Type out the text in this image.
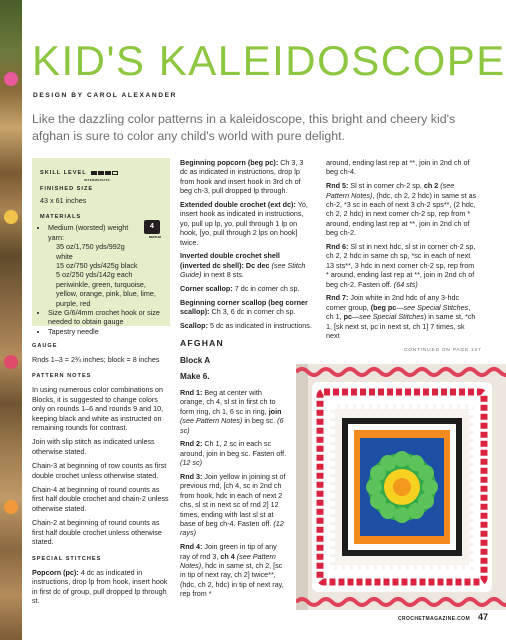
KID'S KALEIDOSCOPE
DESIGN BY CAROL ALEXANDER

Like the dazzling color patterns in a kaleidoscope, this bright and cheery kid's afghan is sure to color any child's world with pure delight.

SKILL LEVEL
INTERMEDIATE
FINISHED SIZE
43 x 61 inches
MATERIALS
4
MEDIUM
• Medium (worsted) weight yarn:
35 oz/1,750 yds/992g white
15 oz/750 yds/425g black
5 oz/250 yds/142g each periwinkle, green, turquoise, yellow, orange, pink, blue, lime, purple, red
• Size G/6/4mm crochet hook or size needed to obtain gauge
• Tapestry needle
GAUGE

Rnds 1–3 = 2¾ inches; block = 8 inches

PATTERN NOTES

In using numerous color combinations on Blocks, it is suggested to change colors only on rounds 1–6 and rounds 9 and 10, keeping black and white as instructed on remaining rounds for contrast.

Join with slip stitch as indicated unless otherwise stated.

Chain-3 at beginning of row counts as first double crochet unless otherwise stated.

Chain-4 at beginning of round counts as first half double crochet and chain-2 unless otherwise stated.

Chain-2 at beginning of round counts as first half double crochet unless otherwise stated.

SPECIAL STITCHES

Popcorn (pc): 4 dc as indicated in instructions, drop lp from hook, insert hook in first dc of group, pull dropped lp through st.

Beginning popcorn (beg pc): Ch 3, 3 dc as indicated in instructions, drop lp from hook and insert hook in 3rd ch of beg ch-3, pull dropped lp through.

Extended double crochet (ext dc): Yo, insert hook as indicated in instructions, yo, pull up lp, yo, pull through 1 lp on hook, [yo, pull through 2 lps on hook] twice.

Inverted double crochet shell (inverted dc shell): Dc dec (see Stitch Guide) in next 8 sts.

Corner scallop: 7 dc in corner ch sp.

Beginning corner scallop (beg corner scallop): Ch 3, 6 dc in corner ch sp.

Scallop: 5 dc as indicated in instructions.

AFGHAN
Block A
Make 6.

Rnd 1: Beg at center with orange, ch 4, sl st in first ch to form ring, ch 1, 6 sc in ring, join (see Pattern Notes) in beg sc. (6 sc)

Rnd 2: Ch 1, 2 sc in each sc around, join in beg sc. Fasten off. (12 sc)

Rnd 3: Join yellow in joining st of previous rnd, [ch 4, sc in 2nd ch from hook, hdc in each of next 2 chs, sl st in next sc of rnd 2] 12 times, ending with last sl st at base of beg ch-4. Fasten off. (12 rays)

Rnd 4: Join green in tip of any ray of rnd 3, ch 4 (see Pattern Notes), hdc in same st, ch 2, [sc in tip of next ray, ch 2] twice**, (hdc, ch 2, hdc) in tip of next ray, rep from *

around, ending last rep at **, join in 2nd ch of beg ch-4.

Rnd 5: Sl st in corner ch-2 sp, ch 2 (see Pattern Notes), (hdc, ch 2, 2 hdc) in same st as ch-2, *3 sc in each of next 3 ch-2 sps**, (2 hdc, ch 2, 2 hdc) in next corner ch-2 sp, rep from * around, ending last rep at **, join in 2nd ch of beg ch-2.

Rnd 6: Sl st in next hdc, sl st in corner ch-2 sp, ch 2, 2 hdc in same ch sp, *sc in each of next 13 sts**, 3 hdc in next corner ch-2 sp, rep from * around, ending last rep at **, join in 2nd ch of beg ch-2. Fasten off. (64 sts)

Rnd 7: Join white in 2nd hdc of any 3-hdc corner group, (beg pc—see Special Stitches, ch 1, pc—see Special Stitches) in same st, *ch 1, [sk next st, pc in next st, ch 1] 7 times, sk next

CONTINUED ON PAGE 127
CROCHETMAGAZINE.COM 47
